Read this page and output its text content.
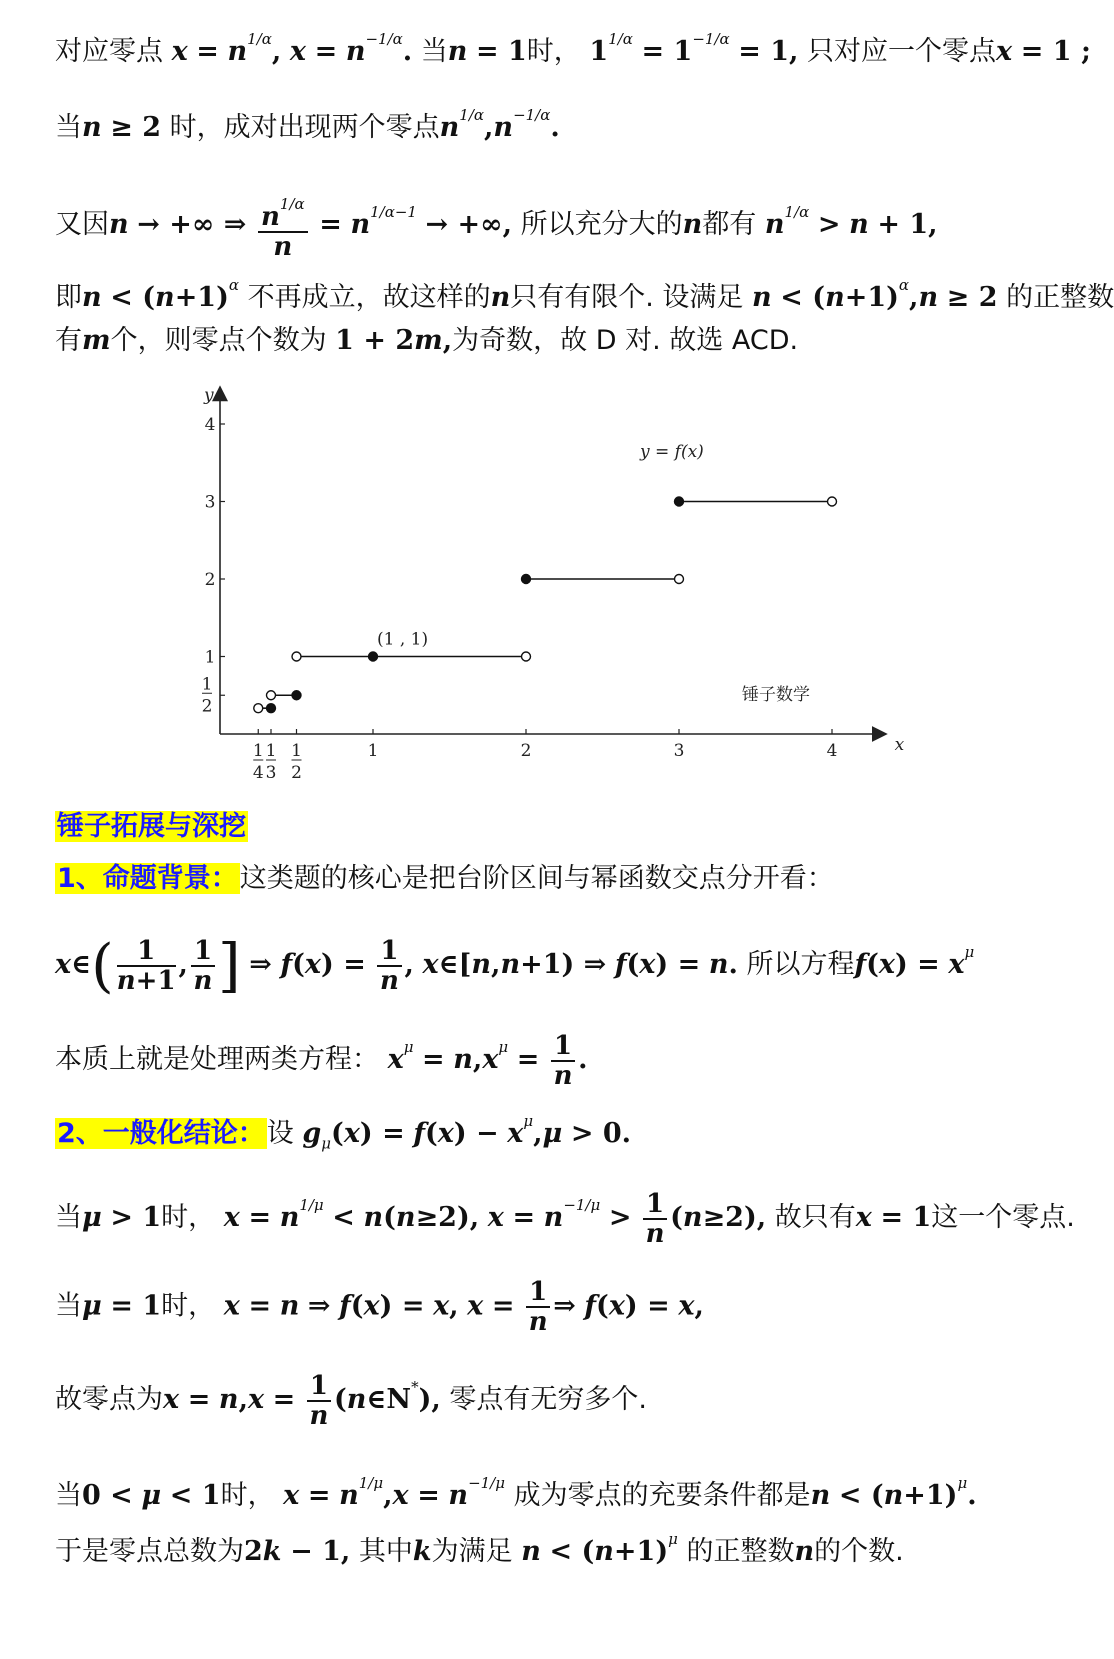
对应零点 $x = n^{1/\alpha}$, $x = n^{-1/\alpha}$. 当n = 1时， $1^{1/\alpha} = 1^{-1/\alpha} = 1$, 只对应一个零点x = 1 ;
当n ≥ 2 时，成对出现两个零点$n^{1/\alpha},n^{-1/\alpha}$.
又因n → +∞ ⇒ $\frac{n^{1/\alpha}}{n} = n^{1/\alpha-1}$ → +∞, 所以充分大的n都有 $n^{1/\alpha} > n + 1$,
即$n < (n+1)^\alpha$ 不再成立，故这样的n只有有限个. 设满足 $n < (n+1)^\alpha,n \ge 2$ 的正整数
有m个，则零点个数为 1 + 2m,为奇数，故 D 对. 故选 ACD.
x
y
1
4
1
3
1
2
1	2	3	4
1
2
1
2
3
4
(1 , 1)
y = f(x)
锤子数学
锤子拓展与深挖
1、命题背景：这类题的核心是把台阶区间与幂函数交点分开看：
x∈( $\frac{1}{n+1}$ , $\frac{1}{n}$ ] ⇒ $f(x) = \frac{1}{n}$ , x∈[n,n+1) ⇒ f(x) = n. 所以方程$f(x) = x^\mu$
本质上就是处理两类方程： $x^\mu = n,x^\mu = \frac{1}{n}$ .
2、一般化结论：设 $g_\mu(x) = f(x) - x^\mu,\mu > 0$.
当μ > 1时， $x = n^{1/\mu} < n(n\ge 2)$, $x = n^{-1/\mu} > \frac{1}{n} (n\ge 2)$, 故只有x = 1这一个零点.
当μ = 1时， x = n ⇒ f(x) = x, $x = \frac{1}{n}$ ⇒ f(x) = x,
故零点为$x = n,x = \frac{1}{n}$ (n∈N*), 零点有无穷多个.
当0 < μ < 1时， $x = n^{1/\mu},x = n^{-1/\mu}$ 成为零点的充要条件都是$n < (n+1)^\mu$.
于是零点总数为2k − 1, 其中k为满足 $n < (n+1)^\mu$ 的正整数n的个数.
